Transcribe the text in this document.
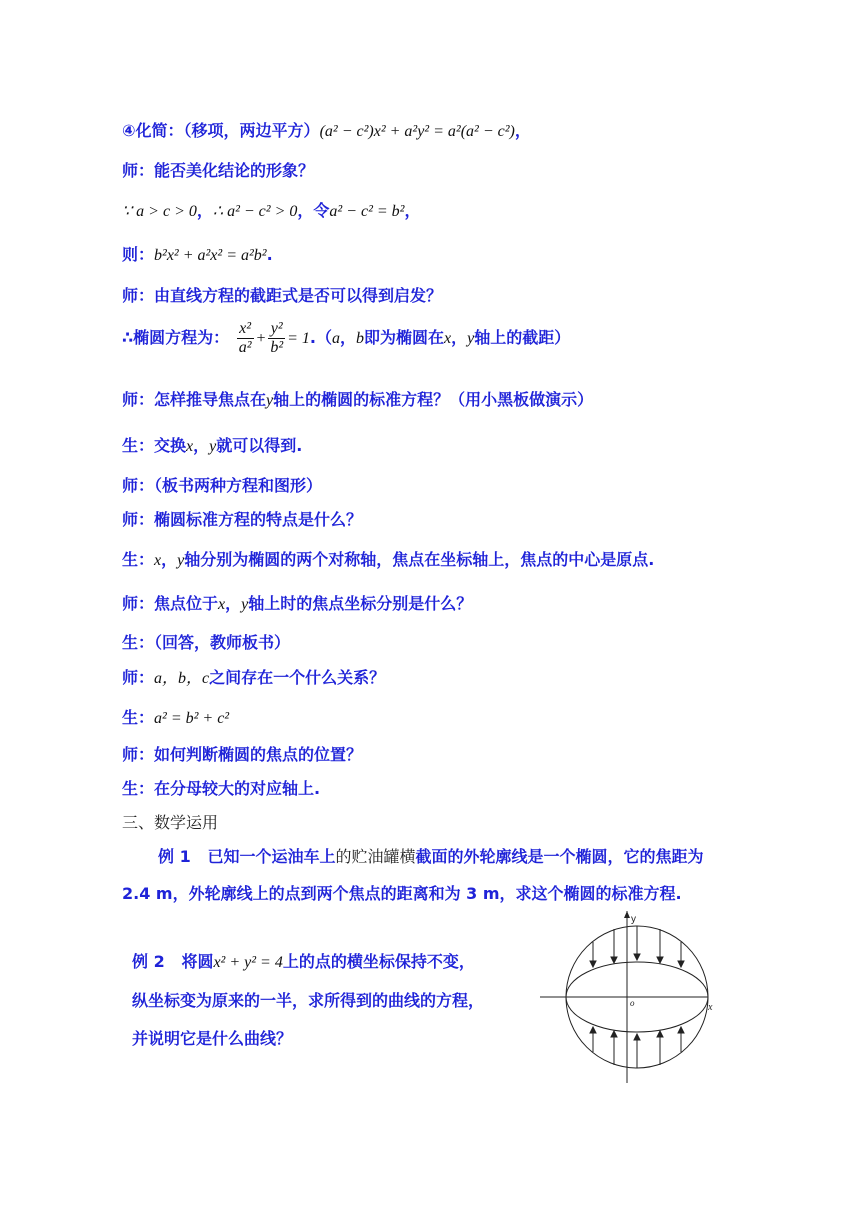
④化简：（移项，两边平方）(a² − c²)x² + a²y² = a²(a² − c²)，
师：能否美化结论的形象？
∵ a > c > 0，∴ a² − c² > 0，令a² − c² = b²，
则：b²x² + a²x² = a²b².
师：由直线方程的截距式是否可以得到启发？
∴椭圆方程为： $\frac{\text{x²}}{\text{a²}} + \frac{\text{y²}}{\text{b²}} = 1.(a$，b即为椭圆在x，y轴上的截距）
师：怎样推导焦点在y轴上的椭圆的标准方程？（用小黑板做演示）
生：交换x，y就可以得到.
师：（板书两种方程和图形）
师：椭圆标准方程的特点是什么？
生：x，y轴分别为椭圆的两个对称轴，焦点在坐标轴上，焦点的中心是原点.
师：焦点位于x，y轴上时的焦点坐标分别是什么？
生：（回答，教师板书）
师：a，b，c之间存在一个什么关系？
生：a² = b² + c²
师：如何判断椭圆的焦点的位置？
生：在分母较大的对应轴上.
三、数学运用
例 1 已知一个运油车上的贮油罐横截面的外轮廓线是一个椭圆，它的焦距为
2.4 m，外轮廓线上的点到两个焦点的距离和为 3 m，求这个椭圆的标准方程.
例 2 将圆x² + y² = 4上的点的横坐标保持不变，
纵坐标变为原来的一半，求所得到的曲线的方程，
并说明它是什么曲线？
y
x
o
